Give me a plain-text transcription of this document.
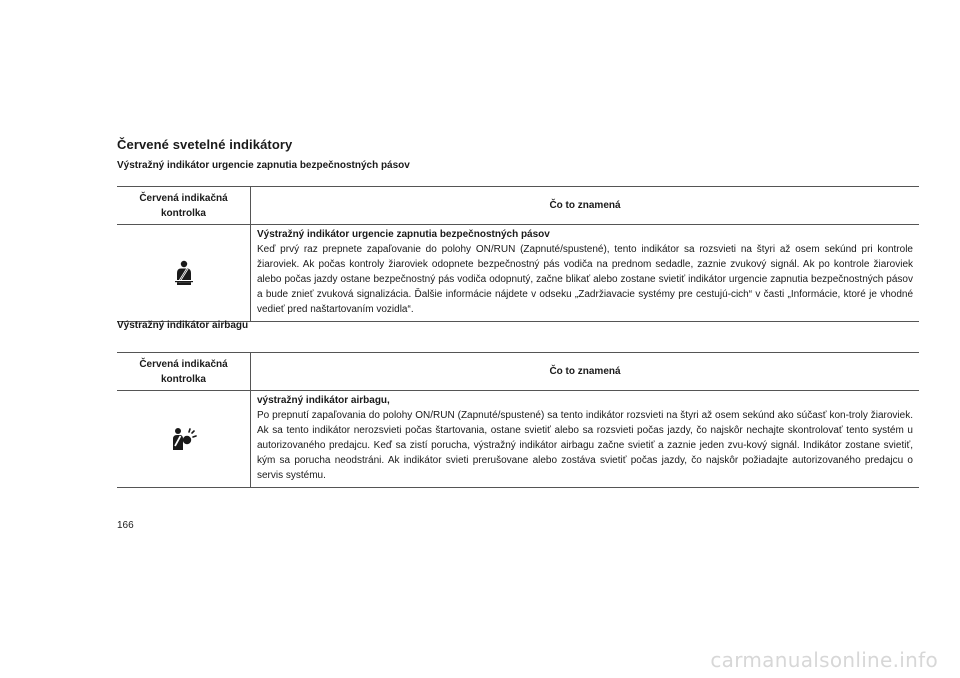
Červené svetelné indikátory
Výstražný indikátor urgencie zapnutia bezpečnostných pásov
Červená indikačná kontrolka	Čo to znamená

Výstražný indikátor urgencie zapnutia bezpečnostných pásov
Keď prvý raz prepnete zapaľovanie do polohy ON/RUN (Zapnuté/spustené), tento indikátor sa rozsvieti na štyri až osem sekúnd pri kontrole žiaroviek. Ak počas kontroly žiaroviek odopnete bezpečnostný pás vodiča na prednom sedadle, zaznie zvukový signál. Ak po kontrole žiaroviek alebo počas jazdy ostane bezpečnostný pás vodiča odopnutý, začne blikať alebo zostane svietiť indikátor urgencie zapnutia bezpečnostných pásov a bude znieť zvuková signalizácia. Ďalšie informácie nájdete v odseku „Zadržiavacie systémy pre cestujú-cich“ v časti „Informácie, ktoré je vhodné vedieť pred naštartovaním vozidla“.
Výstražný indikátor airbagu
Červená indikačná kontrolka	Čo to znamená

výstražný indikátor airbagu,
Po prepnutí zapaľovania do polohy ON/RUN (Zapnuté/spustené) sa tento indikátor rozsvieti na štyri až osem sekúnd ako súčasť kon-troly žiaroviek. Ak sa tento indikátor nerozsvieti počas štartovania, ostane svietiť alebo sa rozsvieti počas jazdy, čo najskôr nechajte skontrolovať tento systém u autorizovaného predajcu. Keď sa zistí porucha, výstražný indikátor airbagu začne svietiť a zaznie jeden zvu-kový signál. Indikátor zostane svietiť, kým sa porucha neodstráni. Ak indikátor svieti prerušovane alebo zostáva svietiť počas jazdy, čo najskôr požiadajte autorizovaného predajcu o servis systému.
166
carmanualsonline.info
